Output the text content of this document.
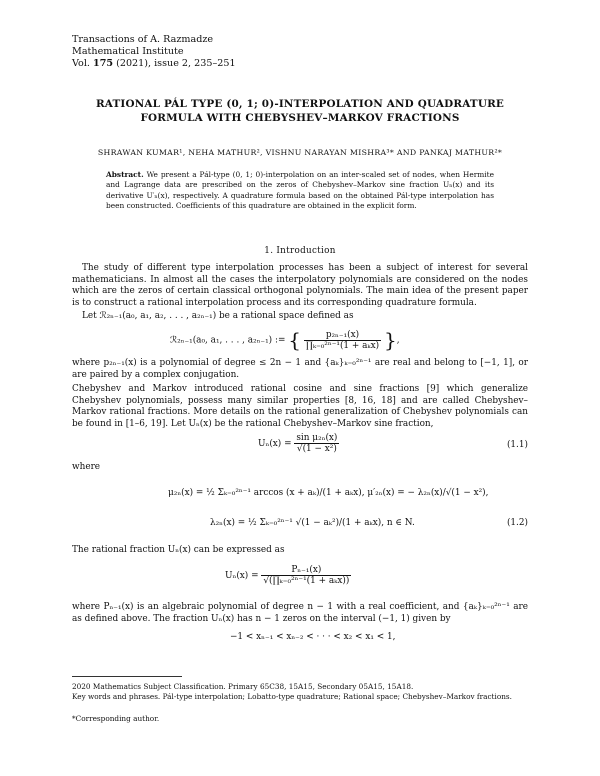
Transactions of A. Razmadze
Mathematical Institute
Vol. 175 (2021), issue 2, 235–251
RATIONAL PÁL TYPE (0, 1; 0)-INTERPOLATION AND QUADRATURE
FORMULA WITH CHEBYSHEV–MARKOV FRACTIONS
SHRAWAN KUMAR¹, NEHA MATHUR², VISHNU NARAYAN MISHRA³* AND PANKAJ MATHUR²*
Abstract. We present a Pál-type (0, 1; 0)-interpolation on an inter-scaled set of nodes, when Hermite and Lagrange data are prescribed on the zeros of Chebyshev–Markov sine fraction Uₙ(x) and its derivative U′ₙ(x), respectively. A quadrature formula based on the obtained Pál-type interpolation has been constructed. Coefficients of this quadrature are obtained in the explicit form.
1. Introduction
The study of different type interpolation processes has been a subject of interest for several mathematicians. In almost all the cases the interpolatory polynomials are considered on the nodes which are the zeros of certain classical orthogonal polynomials. The main idea of the present paper is to construct a rational interpolation process and its corresponding quadrature formula.
Let ℛ₂ₙ₋₁(a₀, a₁, a₂, . . . , a₂ₙ₋₁) be a rational space defined as
ℛ₂ₙ₋₁(a₀, a₁, . . . , a₂ₙ₋₁) := { $\frac{\text{p₂ₙ₋₁(x)}}{\text{∏ₖ₌₀²ⁿ⁻¹(1 + aₖx)}}$ },
where p₂ₙ₋₁(x) is a polynomial of degree ≤ 2n − 1 and {aₖ}ₖ₌₀²ⁿ⁻¹ are real and belong to [−1, 1], or are paired by a complex conjugation.
Chebyshev and Markov introduced rational cosine and sine fractions [9] which generalize Chebyshev polynomials, possess many similar properties [8, 16, 18] and are called Chebyshev–Markov rational fractions. More details on the rational generalization of Chebyshev polynomials can be found in [1–6, 19]. Let Uₙ(x) be the rational Chebyshev–Markov sine fraction,
$U_n(x) = \frac{\text{sin μ₂ₙ(x)}}{\text{√(1 − x²)}}$	(1.1)
where
μ₂ₙ(x) = ½ Σₖ₌₀²ⁿ⁻¹ arccos (x + aₖ)/(1 + aₖx), μ′₂ₙ(x) = − λ₂ₙ(x)/√(1 − x²),
λ₂ₙ(x) = ½ Σₖ₌₀²ⁿ⁻¹ √(1 − aₖ²)/(1 + aₖx), n ∈ N.	(1.2)
The rational fraction Uₙ(x) can be expressed as
$U_n(x) = \frac{\text{Pₙ₋₁(x)}}{\text{√(∏ₖ₌₀²ⁿ⁻¹(1 + aₖx))}}$
where Pₙ₋₁(x) is an algebraic polynomial of degree n − 1 with a real coefficient, and {aₖ}ₖ₌₀²ⁿ⁻¹ are as defined above. The fraction Uₙ(x) has n − 1 zeros on the interval (−1, 1) given by
−1 < xₙ₋₁ < xₙ₋₂ < · · · < x₂ < x₁ < 1,
2020 Mathematics Subject Classification. Primary 65C38, 15A15, Secondary 05A15, 15A18.
Key words and phrases. Pál-type interpolation; Lobatto-type quadrature; Rational space; Chebyshev–Markov fractions.
*Corresponding author.
